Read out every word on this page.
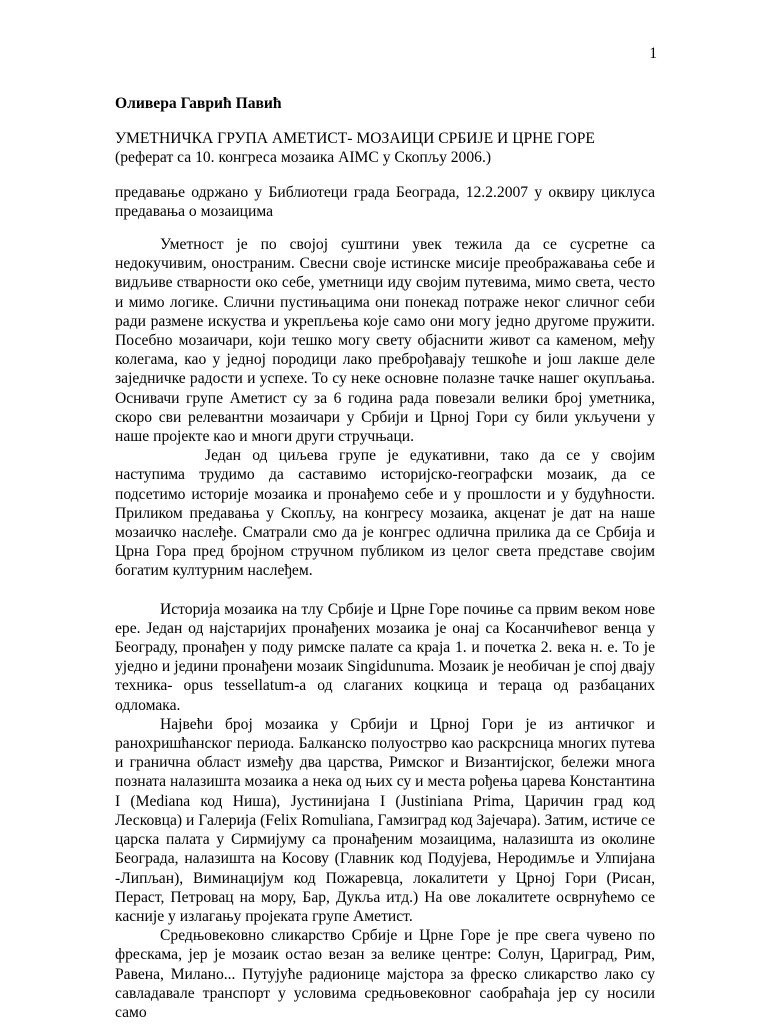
1
Оливера Гаврић Павић
УМЕТНИЧКА ГРУПА АМЕТИСТ- МОЗАИЦИ СРБИЈЕ И ЦРНЕ ГОРЕ
(реферат са 10. конгреса мозаика AIMC у Скопљу 2006.)
предавање одржано у Библиотеци града Београда, 12.2.2007 у оквиру циклуса предавања о мозаицима

Уметност је по својој суштини увек тежила да се сусретне са недокучивим, оностраним. Свесни своје истинске мисије преображавања себе и видљиве стварности око себе, уметници иду својим путевима, мимо света, често и мимо логике. Слични пустињацима они понекад потраже неког сличног себи ради размене искуства и укрепљења које само они могу једно другоме пружити. Посебно мозаичари, који тешко могу свету објаснити живот са каменом, међу колегама, као у једној породици лако преброђавају тешкоће и још лакше деле заједничке радости и успехе. То су неке основне полазне тачке нашег окупљања. Оснивачи групе Аметист су за 6 година рада повезали велики број уметника, скоро сви релевантни мозаичари у Србији и Црној Гори су били укључени у наше пројекте као и многи други стручњаци.

Један од циљева групе је едукативни, тако да се у својим наступима трудимо да саставимо историјско-географски мозаик, да се подсетимо историје мозаика и пронађемо себе и у прошлости и у будућности. Приликом предавања у Скопљу, на конгресу мозаика, акценат је дат на наше мозаичко наслеђе. Сматрали смо да је конгрес одлична прилика да се Србија и Црна Гора пред бројном стручном публиком из целог света представе својим богатим културним наслеђем.

Историја мозаика на тлу Србије и Црне Горе почиње са првим веком нове ере. Један од најстаријих пронађених мозаика је онај са Косанчићевог венца у Београду, пронађен у поду римске палате са краја 1. и почетка 2. века н. е. То је уједно и једини пронађени мозаик Singidunuma. Мозаик је необичан је спој двају техника- opus tessellatum-а од слаганих коцкица и тераца од разбацаних одломака.

Највећи број мозаика у Србији и Црној Гори је из античког и ранохришћанског периода. Балканско полуострво као раскрсница многих путева и гранична област између два царства, Римског и Византијског, бележи многа позната налазишта мозаика а нека од њих су и места рођења царева Константина I (Mediana код Ниша), Јустинијана I (Justiniana Prima, Царичин град код Лесковца) и Галерија (Felix Romuliana, Гамзиград код Зајечара). Затим, истиче се царска палата у Сирмијуму са пронађеним мозаицима, налазишта из околине Београда, налазишта на Косову (Главник код Подујева, Неродимље и Улпијана -Липљан), Виминацијум код Пожаревца, локалитети у Црној Гори (Рисан, Пераст, Петровац на мору, Бар, Дукља итд.) На ове локалитете осврнућемо се касније у излагању пројеката групе Аметист.

Средњовековно сликарство Србије и Црне Горе је пре свега чувено по фрескама, јер је мозаик остао везан за велике центре: Солун, Цариград, Рим, Равена, Милано... Путујуће радионице мајстора за фреско сликарство лако су савладавале транспорт у условима средњовековног саобраћаја јер су носили само
